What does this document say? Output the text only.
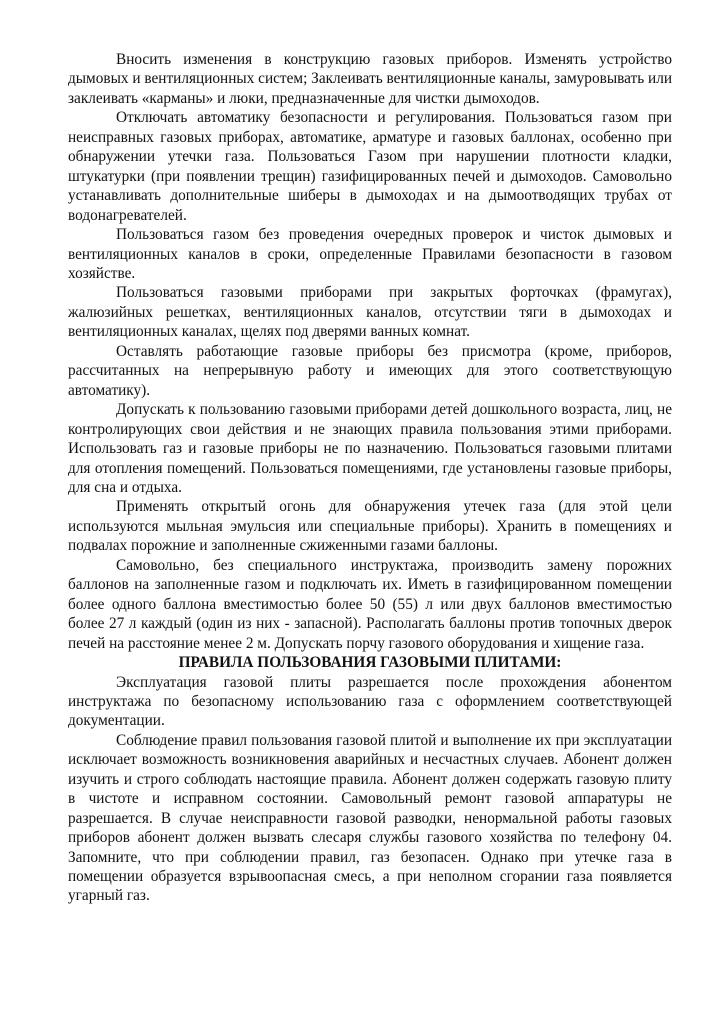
Вносить изменения в конструкцию газовых приборов. Изменять устройство дымовых и вентиляционных систем; Заклеивать вентиляционные каналы, замуровывать или заклеивать «карманы» и люки, предназначенные для чистки дымоходов.

Отключать автоматику безопасности и регулирования. Пользоваться газом при неисправных газовых приборах, автоматике, арматуре и газовых баллонах, особенно при обнаружении утечки газа. Пользоваться Газом при нарушении плотности кладки, штукатурки (при появлении трещин) газифицированных печей и дымоходов. Самовольно устанавливать дополнительные шиберы в дымоходах и на дымоотводящих трубах от водонагревателей.

Пользоваться газом без проведения очередных проверок и чисток дымовых и вентиляционных каналов в сроки, определенные Правилами безопасности в газовом хозяйстве.

Пользоваться газовыми приборами при закрытых форточках (фрамугах), жалюзийных решетках, вентиляционных каналов, отсутствии тяги в дымоходах и вентиляционных каналах, щелях под дверями ванных комнат.

Оставлять работающие газовые приборы без присмотра (кроме, приборов, рассчитанных на непрерывную работу и имеющих для этого соответствующую автоматику).

Допускать к пользованию газовыми приборами детей дошкольного возраста, лиц, не контролирующих свои действия и не знающих правила пользования этими приборами. Использовать газ и газовые приборы не по назначению. Пользоваться газовыми плитами для отопления помещений. Пользоваться помещениями, где установлены газовые приборы, для сна и отдыха.

Применять открытый огонь для обнаружения утечек газа (для этой цели используются мыльная эмульсия или специальные приборы). Хранить в помещениях и подвалах порожние и заполненные сжиженными газами баллоны.

Самовольно, без специального инструктажа, производить замену порожних баллонов на заполненные газом и подключать их. Иметь в газифицированном помещении более одного баллона вместимостью более 50 (55) л или двух баллонов вместимостью более 27 л каждый (один из них - запасной). Располагать баллоны против топочных дверок печей на расстояние менее 2 м. Допускать порчу газового оборудования и хищение газа.

ПРАВИЛА ПОЛЬЗОВАНИЯ ГАЗОВЫМИ ПЛИТАМИ:

Эксплуатация газовой плиты разрешается после прохождения абонентом инструктажа по безопасному использованию газа с оформлением соответствующей документации.

Соблюдение правил пользования газовой плитой и выполнение их при эксплуатации исключает возможность возникновения аварийных и несчастных случаев. Абонент должен изучить и строго соблюдать настоящие правила. Абонент должен содержать газовую плиту в чистоте и исправном состоянии. Самовольный ремонт газовой аппаратуры не разрешается. В случае неисправности газовой разводки, ненормальной работы газовых приборов абонент должен вызвать слесаря службы газового хозяйства по телефону 04. Запомните, что при соблюдении правил, газ безопасен. Однако при утечке газа в помещении образуется взрывоопасная смесь, а при неполном сгорании газа появляется угарный газ.
